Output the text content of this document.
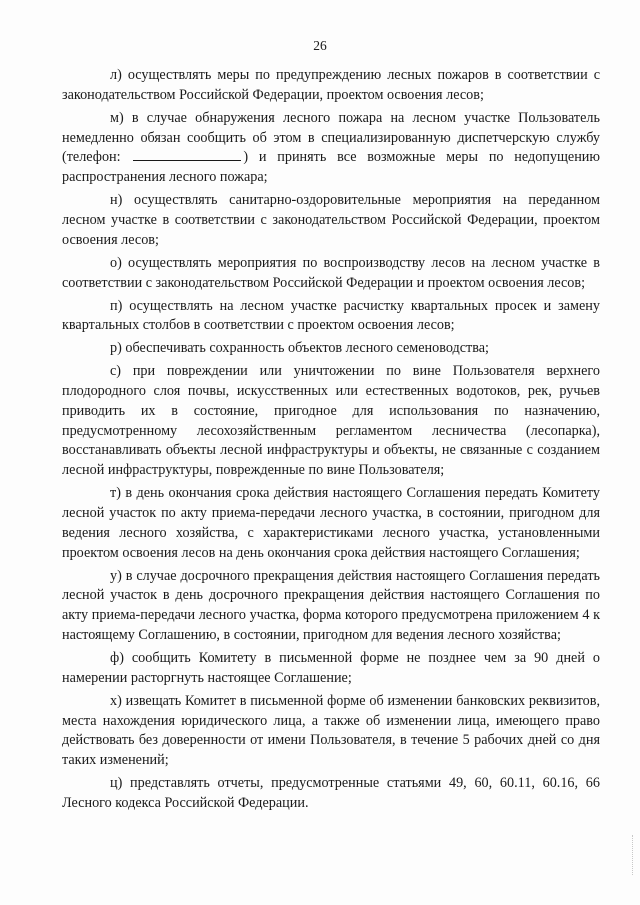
26

л) осуществлять меры по предупреждению лесных пожаров в соответствии с законодательством Российской Федерации, проектом освоения лесов;

м) в случае обнаружения лесного пожара на лесном участке Пользователь немедленно обязан сообщить об этом в специализированную диспетчерскую службу (телефон:	) и принять все возможные меры по недопущению распространения лесного пожара;

н) осуществлять санитарно-оздоровительные мероприятия на переданном лесном участке в соответствии с законодательством Российской Федерации, проектом освоения лесов;

о) осуществлять мероприятия по воспроизводству лесов на лесном участке в соответствии с законодательством Российской Федерации и проектом освоения лесов;

п) осуществлять на лесном участке расчистку квартальных просек и замену квартальных столбов в соответствии с проектом освоения лесов;

р) обеспечивать сохранность объектов лесного семеноводства;

с) при повреждении или уничтожении по вине Пользователя верхнего плодородного слоя почвы, искусственных или естественных водотоков, рек, ручьев приводить их в состояние, пригодное для использования по назначению, предусмотренному лесохозяйственным регламентом лесничества (лесопарка), восстанавливать объекты лесной инфраструктуры и объекты, не связанные с созданием лесной инфраструктуры, поврежденные по вине Пользователя;

т) в день окончания срока действия настоящего Соглашения передать Комитету лесной участок по акту приема-передачи лесного участка, в состоянии, пригодном для ведения лесного хозяйства, с характеристиками лесного участка, установленными проектом освоения лесов на день окончания срока действия настоящего Соглашения;

у) в случае досрочного прекращения действия настоящего Соглашения передать лесной участок в день досрочного прекращения действия настоящего Соглашения по акту приема-передачи лесного участка, форма которого предусмотрена приложением 4 к настоящему Соглашению, в состоянии, пригодном для ведения лесного хозяйства;

ф) сообщить Комитету в письменной форме не позднее чем за 90 дней о намерении расторгнуть настоящее Соглашение;

х) извещать Комитет в письменной форме об изменении банковских реквизитов, места нахождения юридического лица, а также об изменении лица, имеющего право действовать без доверенности от имени Пользователя, в течение 5 рабочих дней со дня таких изменений;

ц) представлять отчеты, предусмотренные статьями 49, 60, 60.11, 60.16, 66 Лесного кодекса Российской Федерации.
